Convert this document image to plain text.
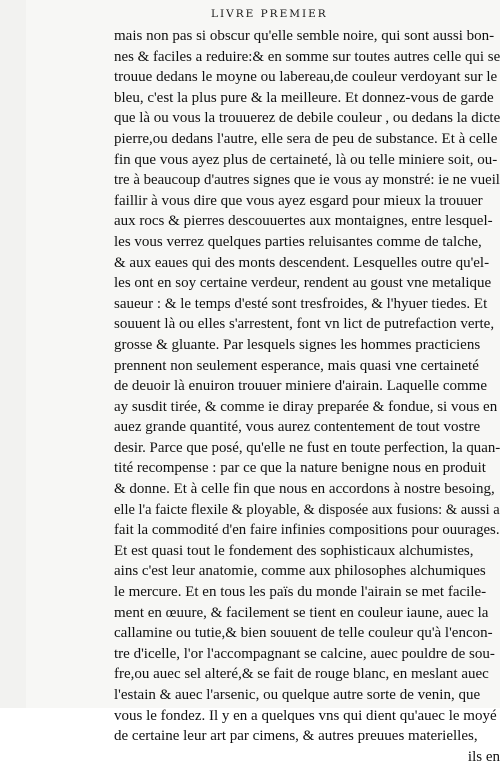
LIVRE PREMIER
mais non pas si obscur qu'elle semble noire, qui sont aussi bon-
nes & faciles a reduire:& en somme sur toutes autres celle qui se
trouue dedans le moyne ou labereau,de couleur verdoyant sur le
bleu, c'est la plus pure & la meilleure. Et donnez-vous de garde
que là ou vous la trouuerez de debile couleur , ou dedans la dicte
pierre,ou dedans l'autre, elle sera de peu de substance. Et à celle
fin que vous ayez plus de certaineté, là ou telle miniere soit, ou-
tre à beaucoup d'autres signes que ie vous ay monstré: ie ne vueil
faillir à vous dire que vous ayez esgard pour mieux la trouuer
aux rocs & pierres descouuertes aux montaignes, entre lesquel-
les vous verrez quelques parties reluisantes comme de talche,
& aux eaues qui des monts descendent. Lesquelles outre qu'el-
les ont en soy certaine verdeur, rendent au goust vne metalique
saueur : & le temps d'esté sont tresfroides, & l'hyuer tiedes. Et
souuent là ou elles s'arrestent, font vn lict de putrefaction verte,
grosse & gluante. Par lesquels signes les hommes practiciens
prennent non seulement esperance, mais quasi vne certaineté
de deuoir là enuiron trouuer miniere d'airain. Laquelle comme
ay susdit tirée, & comme ie diray preparée & fondue, si vous en
auez grande quantité, vous aurez contentement de tout vostre
desir. Parce que posé, qu'elle ne fust en toute perfection, la quan-
tité recompense : par ce que la nature benigne nous en produit
& donne. Et à celle fin que nous en accordons à nostre besoing,
elle l'a faicte flexile & ployable, & disposée aux fusions: & aussi a
fait la commodité d'en faire infinies compositions pour ouurages.
Et est quasi tout le fondement des sophisticaux alchumistes,
ains c'est leur anatomie, comme aux philosophes alchumiques
le mercure. Et en tous les païs du monde l'airain se met facile-
ment en œuure, & facilement se tient en couleur iaune, auec la
callamine ou tutie,& bien souuent de telle couleur qu'à l'encon-
tre d'icelle, l'or l'accompagnant se calcine, auec pouldre de sou-
fre,ou auec sel alteré,& se fait de rouge blanc, en meslant auec
l'estain & auec l'arsenic, ou quelque autre sorte de venin, que
vous le fondez. Il y en a quelques vns qui dient qu'auec le moyé
de certaine leur art par cimens, & autres preuues materielles,
ils en
